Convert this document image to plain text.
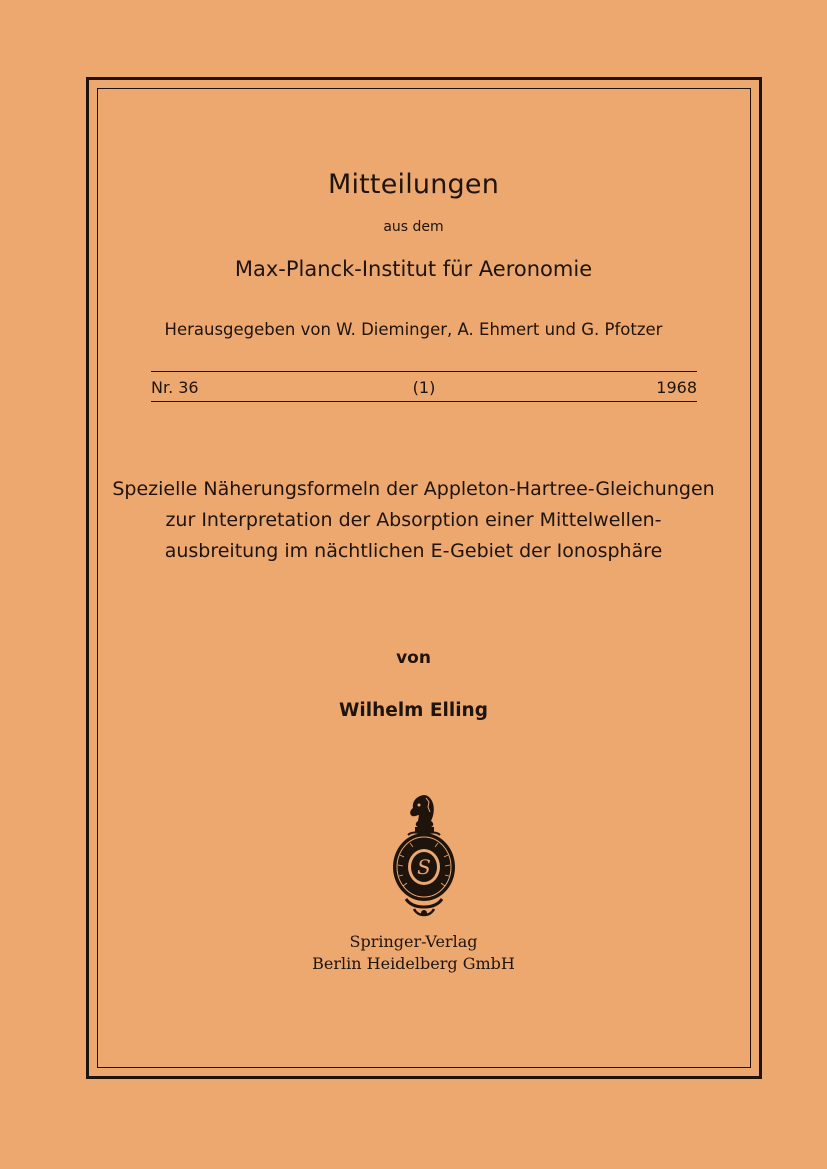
Mitteilungen
aus dem
Max-Planck-Institut für Aeronomie
Herausgegeben von W. Dieminger, A. Ehmert und G. Pfotzer
Nr. 36	(1)	1968
Spezielle Näherungsformeln der Appleton-Hartree-Gleichungen
zur Interpretation der Absorption einer Mittelwellen-
ausbreitung im nächtlichen E-Gebiet der Ionosphäre
von
Wilhelm Elling
S
Springer-Verlag
Berlin Heidelberg GmbH
